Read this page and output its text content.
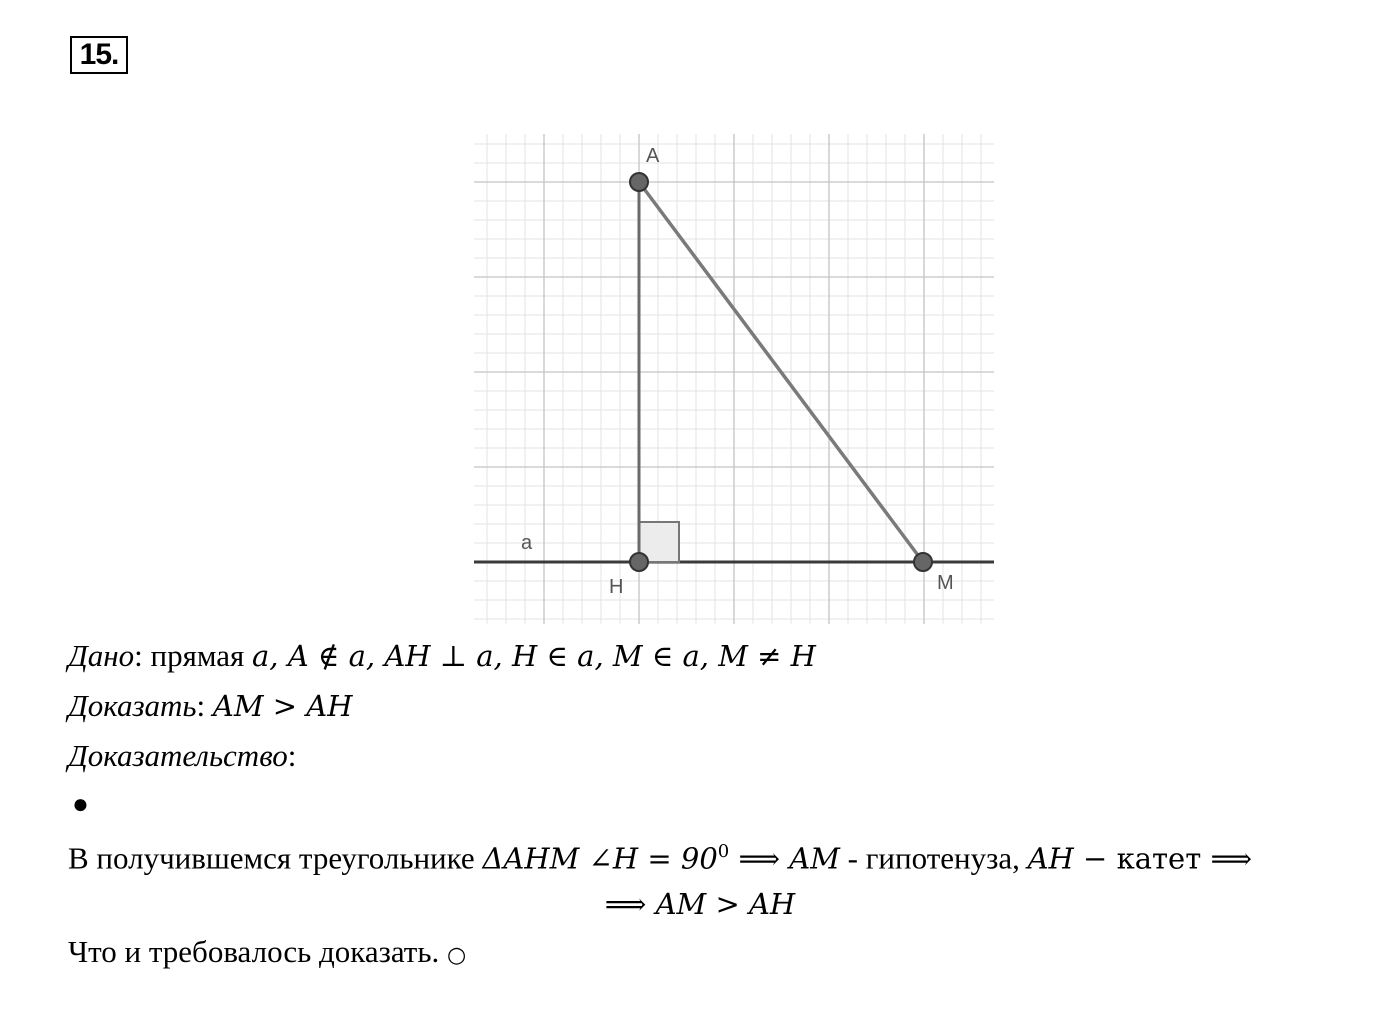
15.
A
H	M
a
Дано: прямая a, A ∉ a, AH ⊥ a, H ∈ a, M ∈ a, M ≠ H
Доказать: AM > AH
Доказательство:
●
В получившемся треугольнике ΔAHM ∠H = $90^0$ ⟹ AM - гипотенуза, AH − катет ⟹
⟹ AM > AH
Что и требовалось доказать. ○
